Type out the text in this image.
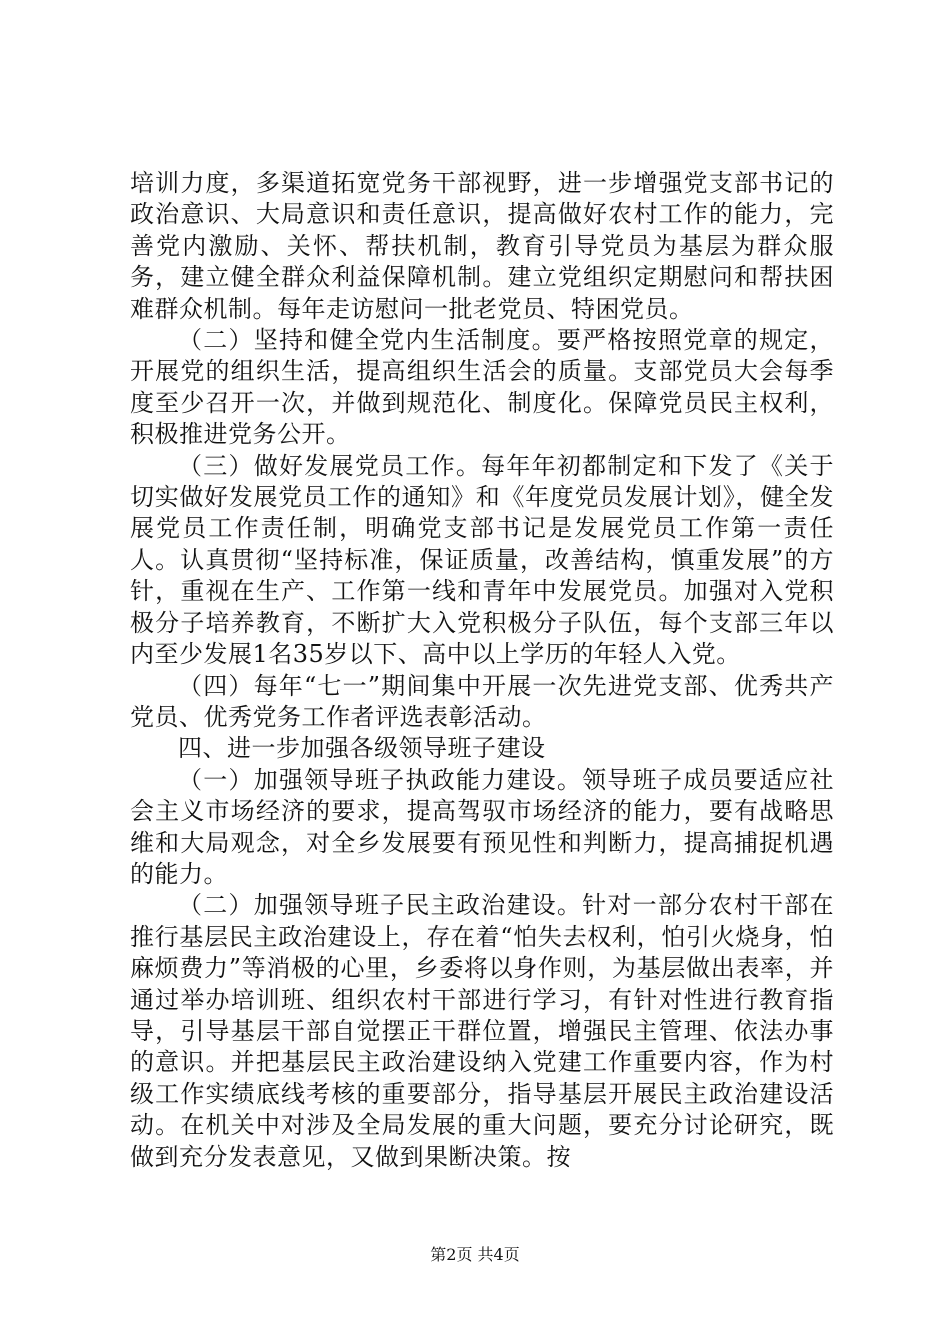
培训力度，多渠道拓宽党务干部视野，进一步增强党支部书记的政治意识、大局意识和责任意识，提高做好农村工作的能力，完善党内激励、关怀、帮扶机制，教育引导党员为基层为群众服务，建立健全群众利益保障机制。建立党组织定期慰问和帮扶困难群众机制。每年走访慰问一批老党员、特困党员。

（二）坚持和健全党内生活制度。要严格按照党章的规定，开展党的组织生活，提高组织生活会的质量。支部党员大会每季度至少召开一次，并做到规范化、制度化。保障党员民主权利，积极推进党务公开。

（三）做好发展党员工作。每年年初都制定和下发了《关于切实做好发展党员工作的通知》和《年度党员发展计划》，健全发展党员工作责任制，明确党支部书记是发展党员工作第一责任人。认真贯彻“坚持标准，保证质量，改善结构，慎重发展”的方针，重视在生产、工作第一线和青年中发展党员。加强对入党积极分子培养教育，不断扩大入党积极分子队伍，每个支部三年以内至少发展1名35岁以下、高中以上学历的年轻人入党。

（四）每年“七一”期间集中开展一次先进党支部、优秀共产党员、优秀党务工作者评选表彰活动。

四、进一步加强各级领导班子建设

（一）加强领导班子执政能力建设。领导班子成员要适应社会主义市场经济的要求，提高驾驭市场经济的能力，要有战略思维和大局观念，对全乡发展要有预见性和判断力，提高捕捉机遇的能力。

（二）加强领导班子民主政治建设。针对一部分农村干部在推行基层民主政治建设上，存在着“怕失去权利，怕引火烧身，怕麻烦费力”等消极的心里，乡委将以身作则，为基层做出表率，并通过举办培训班、组织农村干部进行学习，有针对性进行教育指导，引导基层干部自觉摆正干群位置，增强民主管理、依法办事的意识。并把基层民主政治建设纳入党建工作重要内容，作为村级工作实绩底线考核的重要部分，指导基层开展民主政治建设活动。在机关中对涉及全局发展的重大问题，要充分讨论研究，既做到充分发表意见，又做到果断决策。按

第2页 共4页
